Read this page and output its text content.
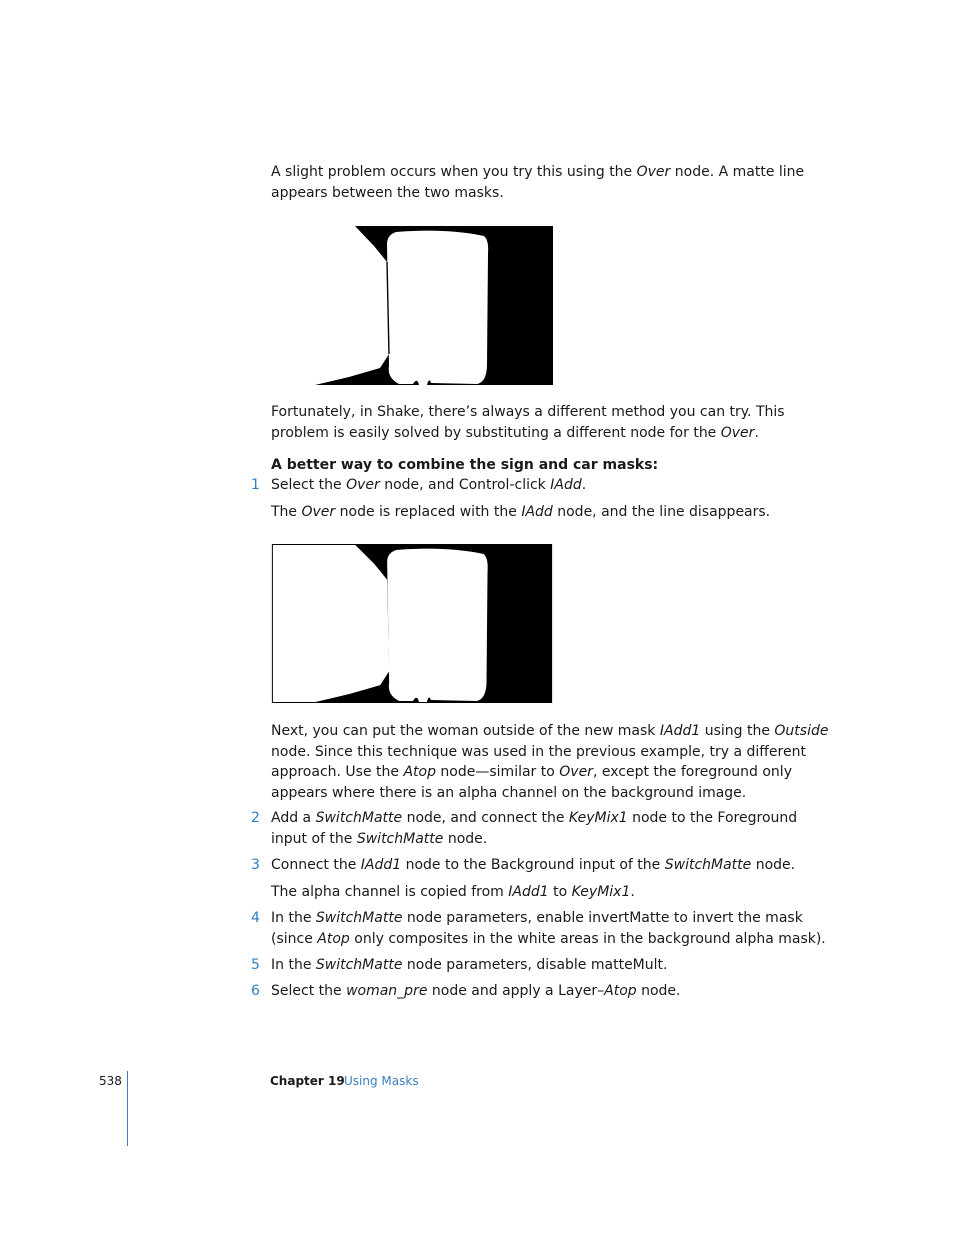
A slight problem occurs when you try this using the Over node. A matte line appears between the two masks.

Fortunately, in Shake, there’s always a different method you can try. This problem is easily solved by substituting a different node for the Over.

A better way to combine the sign and car masks:

1 Select the Over node, and Control-click IAdd.

The Over node is replaced with the IAdd node, and the line disappears.

Next, you can put the woman outside of the new mask IAdd1 using the Outside node. Since this technique was used in the previous example, try a different approach. Use the Atop node—similar to Over, except the foreground only appears where there is an alpha channel on the background image.

2 Add a SwitchMatte node, and connect the KeyMix1 node to the Foreground input of the SwitchMatte node.

3 Connect the IAdd1 node to the Background input of the SwitchMatte node.

The alpha channel is copied from IAdd1 to KeyMix1.

4 In the SwitchMatte node parameters, enable invertMatte to invert the mask (since Atop only composites in the white areas in the background alpha mask).

5 In the SwitchMatte node parameters, disable matteMult.

6 Select the woman_pre node and apply a Layer–Atop node.

538	Chapter 19 Using Masks
